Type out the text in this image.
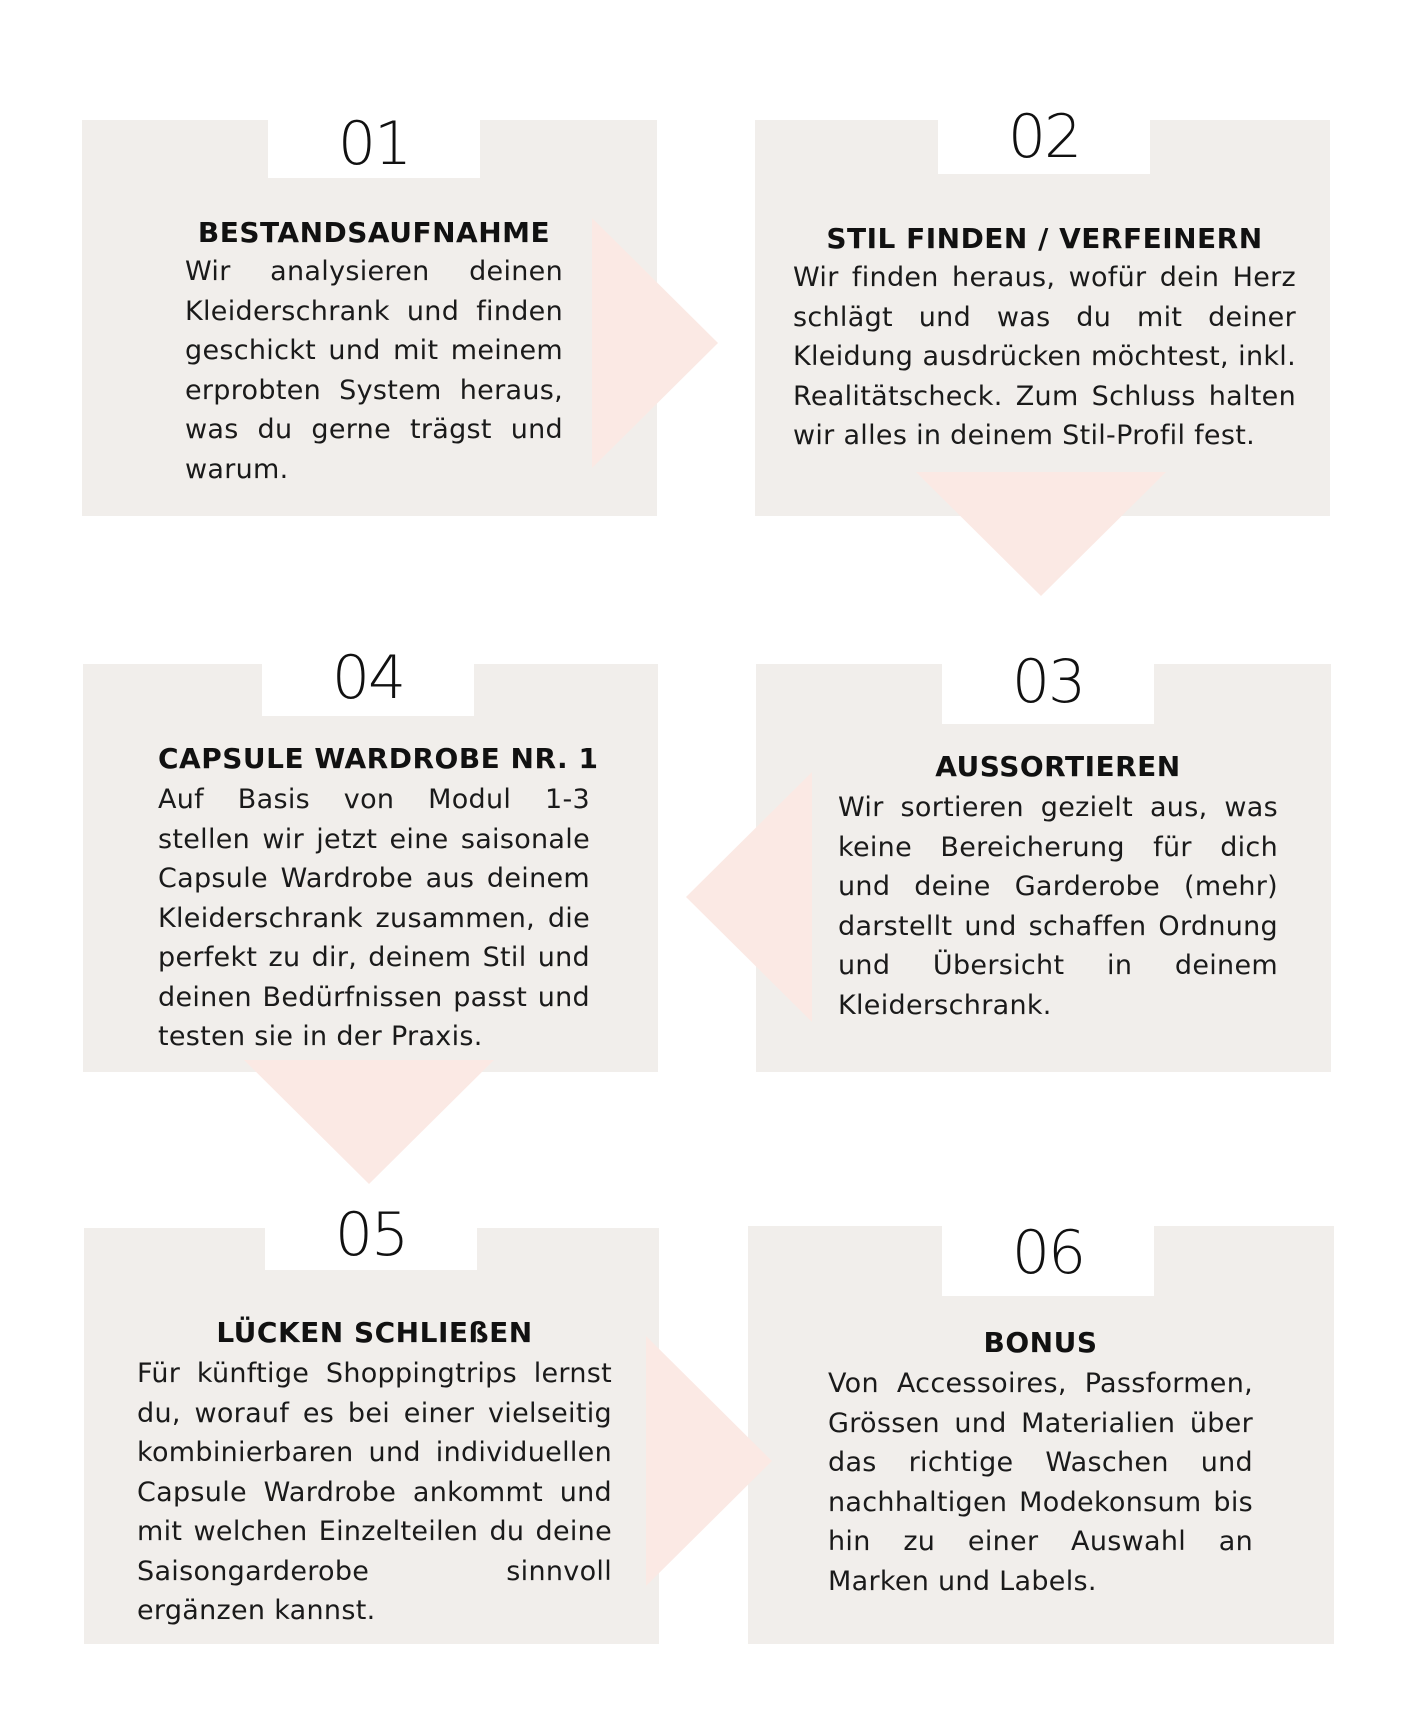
01	02
04	03
05	06
BESTANDSAUFNAHME
Wir analysieren deinen Kleiderschrank und finden geschickt und mit meinem erprobten System heraus, was du gerne trägst und warum.
STIL FINDEN / VERFEINERN
Wir finden heraus, wofür dein Herz schlägt und was du mit deiner Kleidung ausdrücken möchtest, inkl. Realitätscheck. Zum Schluss halten wir alles in deinem Stil-Profil fest.
CAPSULE WARDROBE NR. 1
Auf Basis von Modul 1-3 stellen wir jetzt eine saisonale Capsule Wardrobe aus deinem Kleiderschrank zusammen, die perfekt zu dir, deinem Stil und deinen Bedürfnissen passt und testen sie in der Praxis.
AUSSORTIEREN
Wir sortieren gezielt aus, was keine Bereicherung für dich und deine Garderobe (mehr) darstellt und schaffen Ordnung und Übersicht in deinem Kleiderschrank.
LÜCKEN SCHLIEßEN
Für künftige Shoppingtrips lernst du, worauf es bei einer vielseitig kombinierbaren und individuellen Capsule Wardrobe ankommt und mit welchen Einzelteilen du deine Saisongarderobe sinnvoll ergänzen kannst.
BONUS
Von Accessoires, Passformen, Grössen und Materialien über das richtige Waschen und nachhaltigen Modekonsum bis hin zu einer Auswahl an Marken und Labels.
